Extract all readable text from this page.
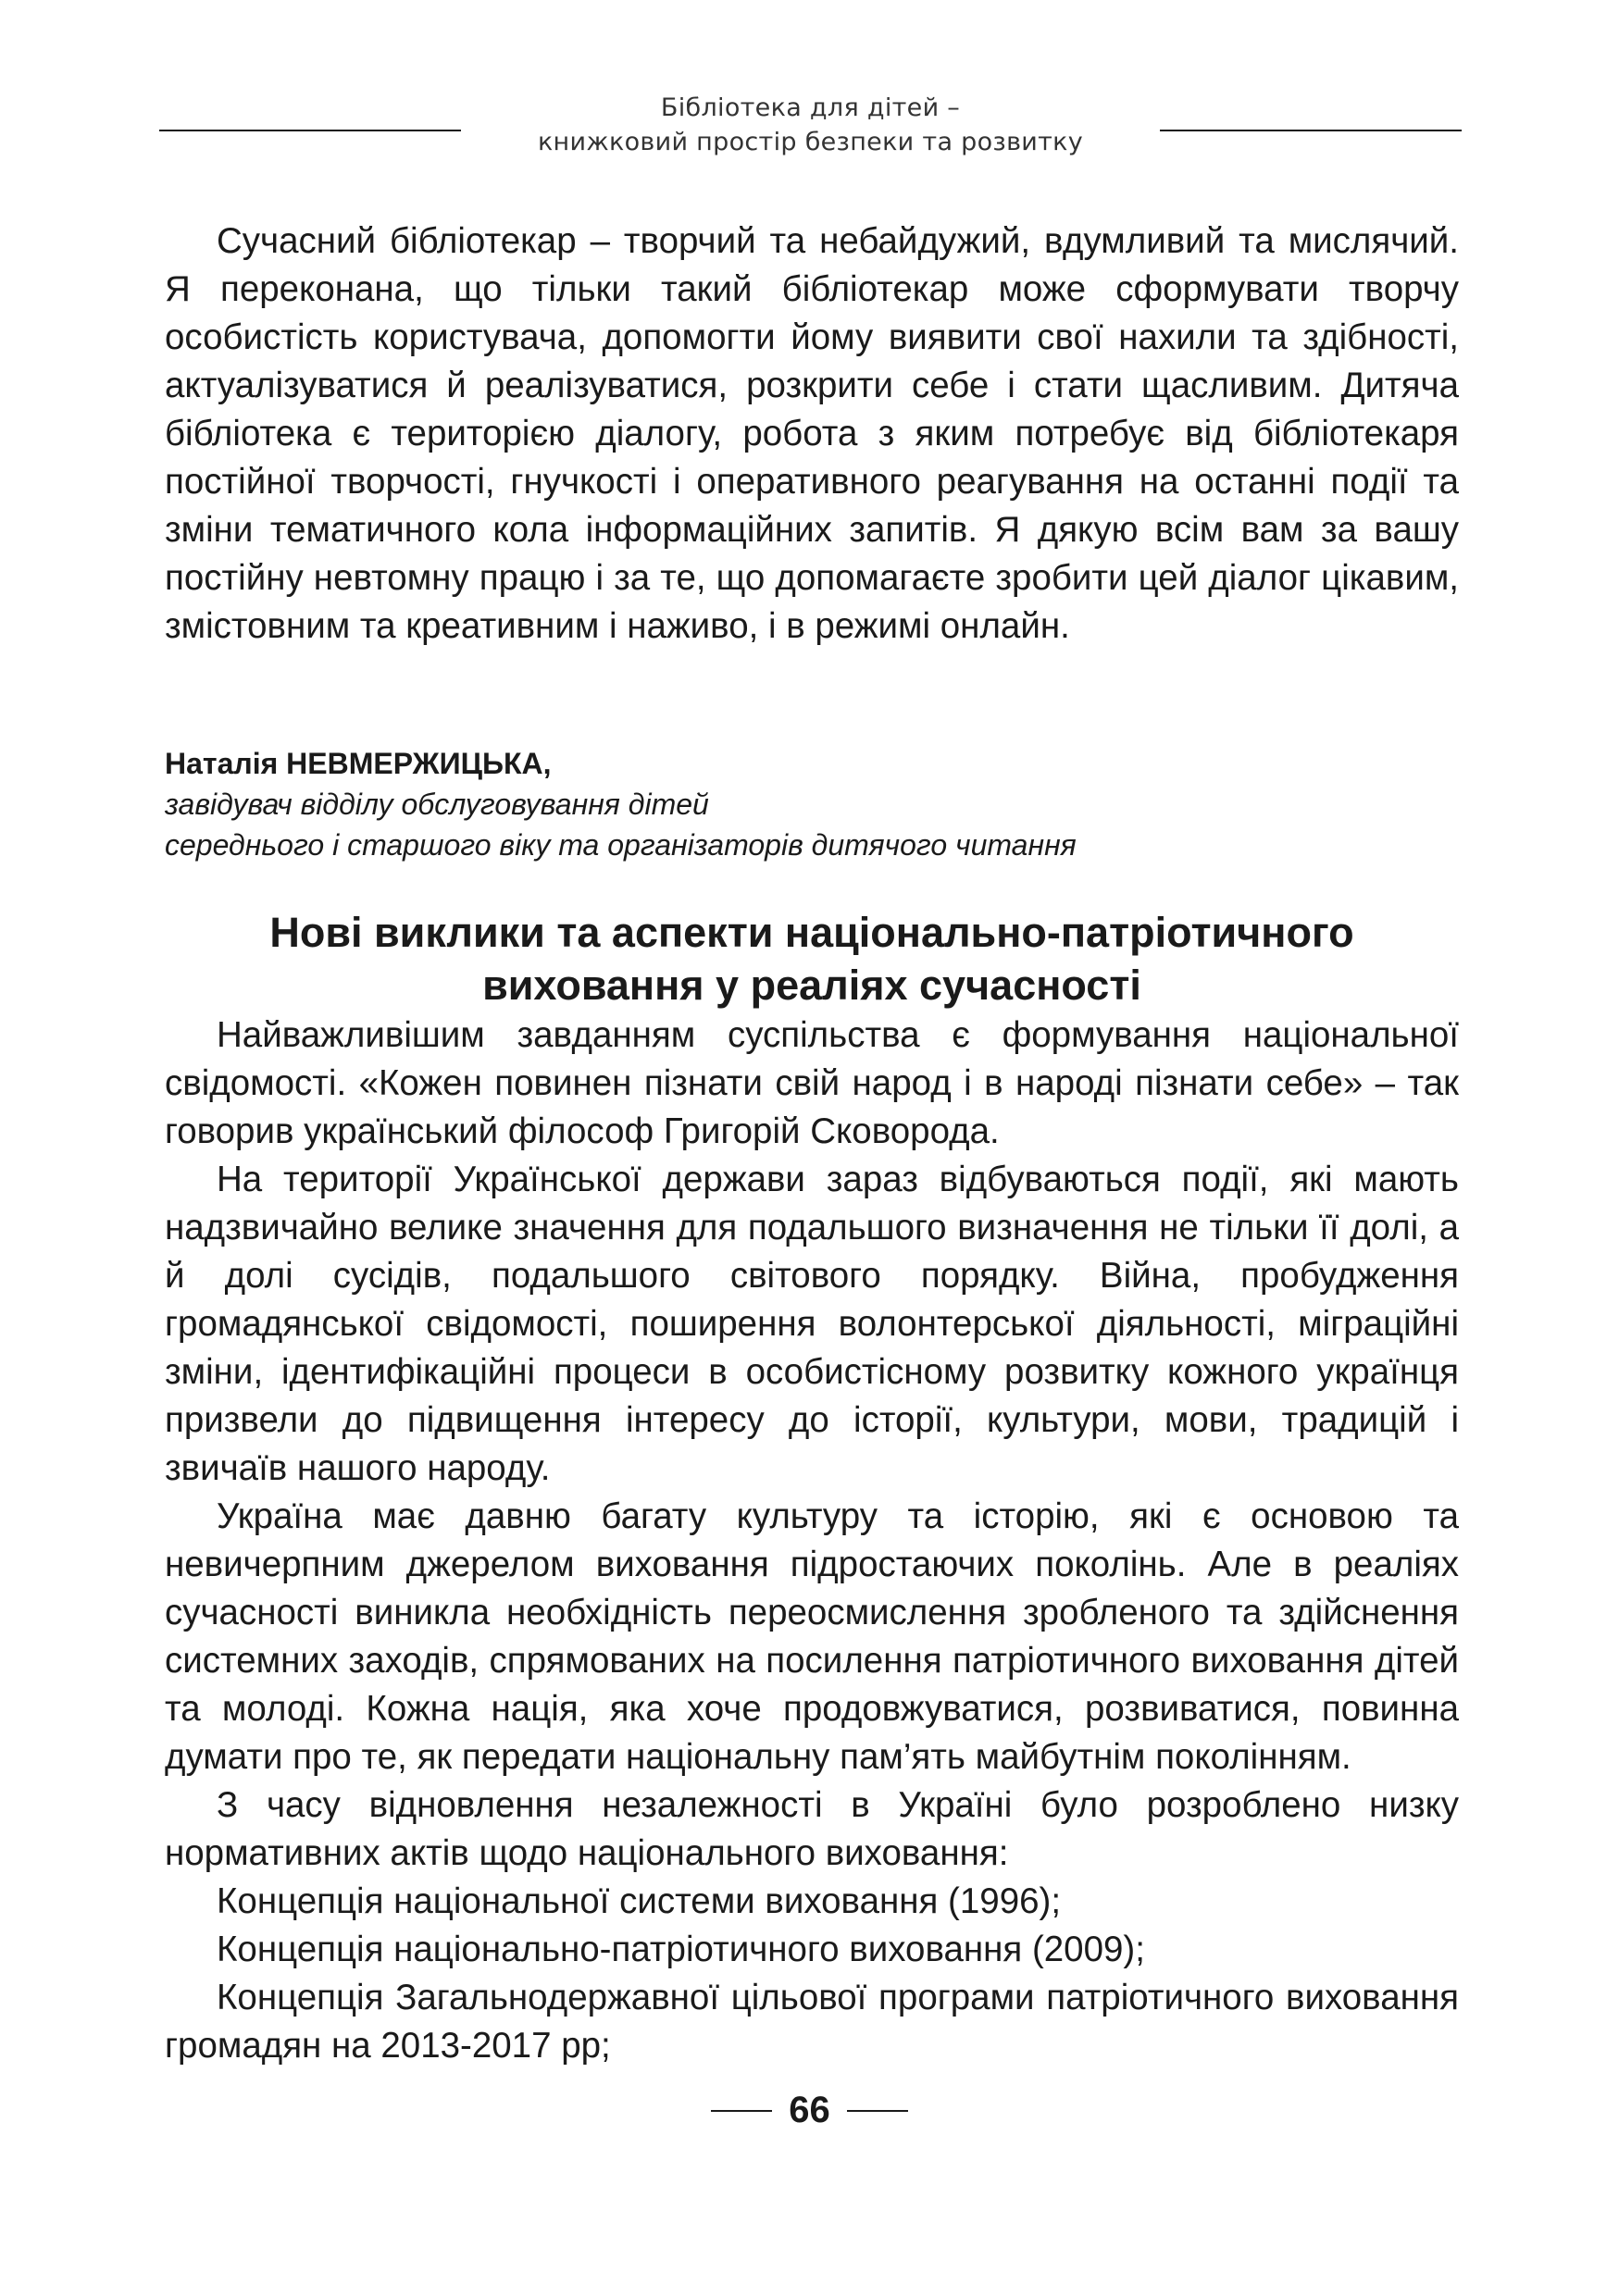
Бібліотека для дітей –
книжковий простір безпеки та розвитку

Сучасний бібліотекар – творчий та небайдужий, вдумливий та мислячий. Я переконана, що тільки такий бібліотекар може сформувати творчу особистість користувача, допомогти йому виявити свої нахили та здібності, актуалізуватися й реалізуватися, розкрити себе і стати щасливим. Дитяча бібліотека є територією діалогу, робота з яким потребує від бібліотекаря постійної творчості, гнучкості і оперативного реагування на останні події та зміни тематичного кола інформаційних запитів. Я дякую всім вам за вашу постійну невтомну працю і за те, що допомагаєте зробити цей діалог цікавим, змістовним та креативним і наживо, і в режимі онлайн.

Наталія НЕВМЕРЖИЦЬКА,
завідувач відділу обслуговування дітей
середнього і старшого віку та організаторів дитячого читання
Нові виклики та аспекти національно-патріотичного
виховання у реаліях сучасності

Найважливішим завданням суспільства є формування національної свідомості. «Кожен повинен пізнати свій народ і в народі пізнати себе» – так говорив український філософ Григорій Сковорода.

На території Української держави зараз відбуваються події, які мають надзвичайно велике значення для подальшого визначення не тільки її долі, а й долі сусідів, подальшого світового порядку. Війна, пробудження громадянської свідомості, поширення волонтерської діяльності, міграційні зміни, ідентифікаційні процеси в особистісному розвитку кожного українця призвели до підвищення інтересу до історії, культури, мови, традицій і звичаїв нашого народу.

Україна має давню багату культуру та історію, які є основою та невичерпним джерелом виховання підростаючих поколінь. Але в реаліях сучасності виникла необхідність переосмислення зробленого та здійснення системних заходів, спрямованих на посилення патріотичного виховання дітей та молоді. Кожна нація, яка хоче продовжуватися, розвиватися, повинна думати про те, як передати національну пам’ять майбутнім поколінням.

З часу відновлення незалежності в Україні було розроблено низку нормативних актів щодо національного виховання:

Концепція національної системи виховання (1996);

Концепція національно-патріотичного виховання (2009);

Концепція Загальнодержавної цільової програми патріотичного виховання громадян на 2013-2017 рр;

66
